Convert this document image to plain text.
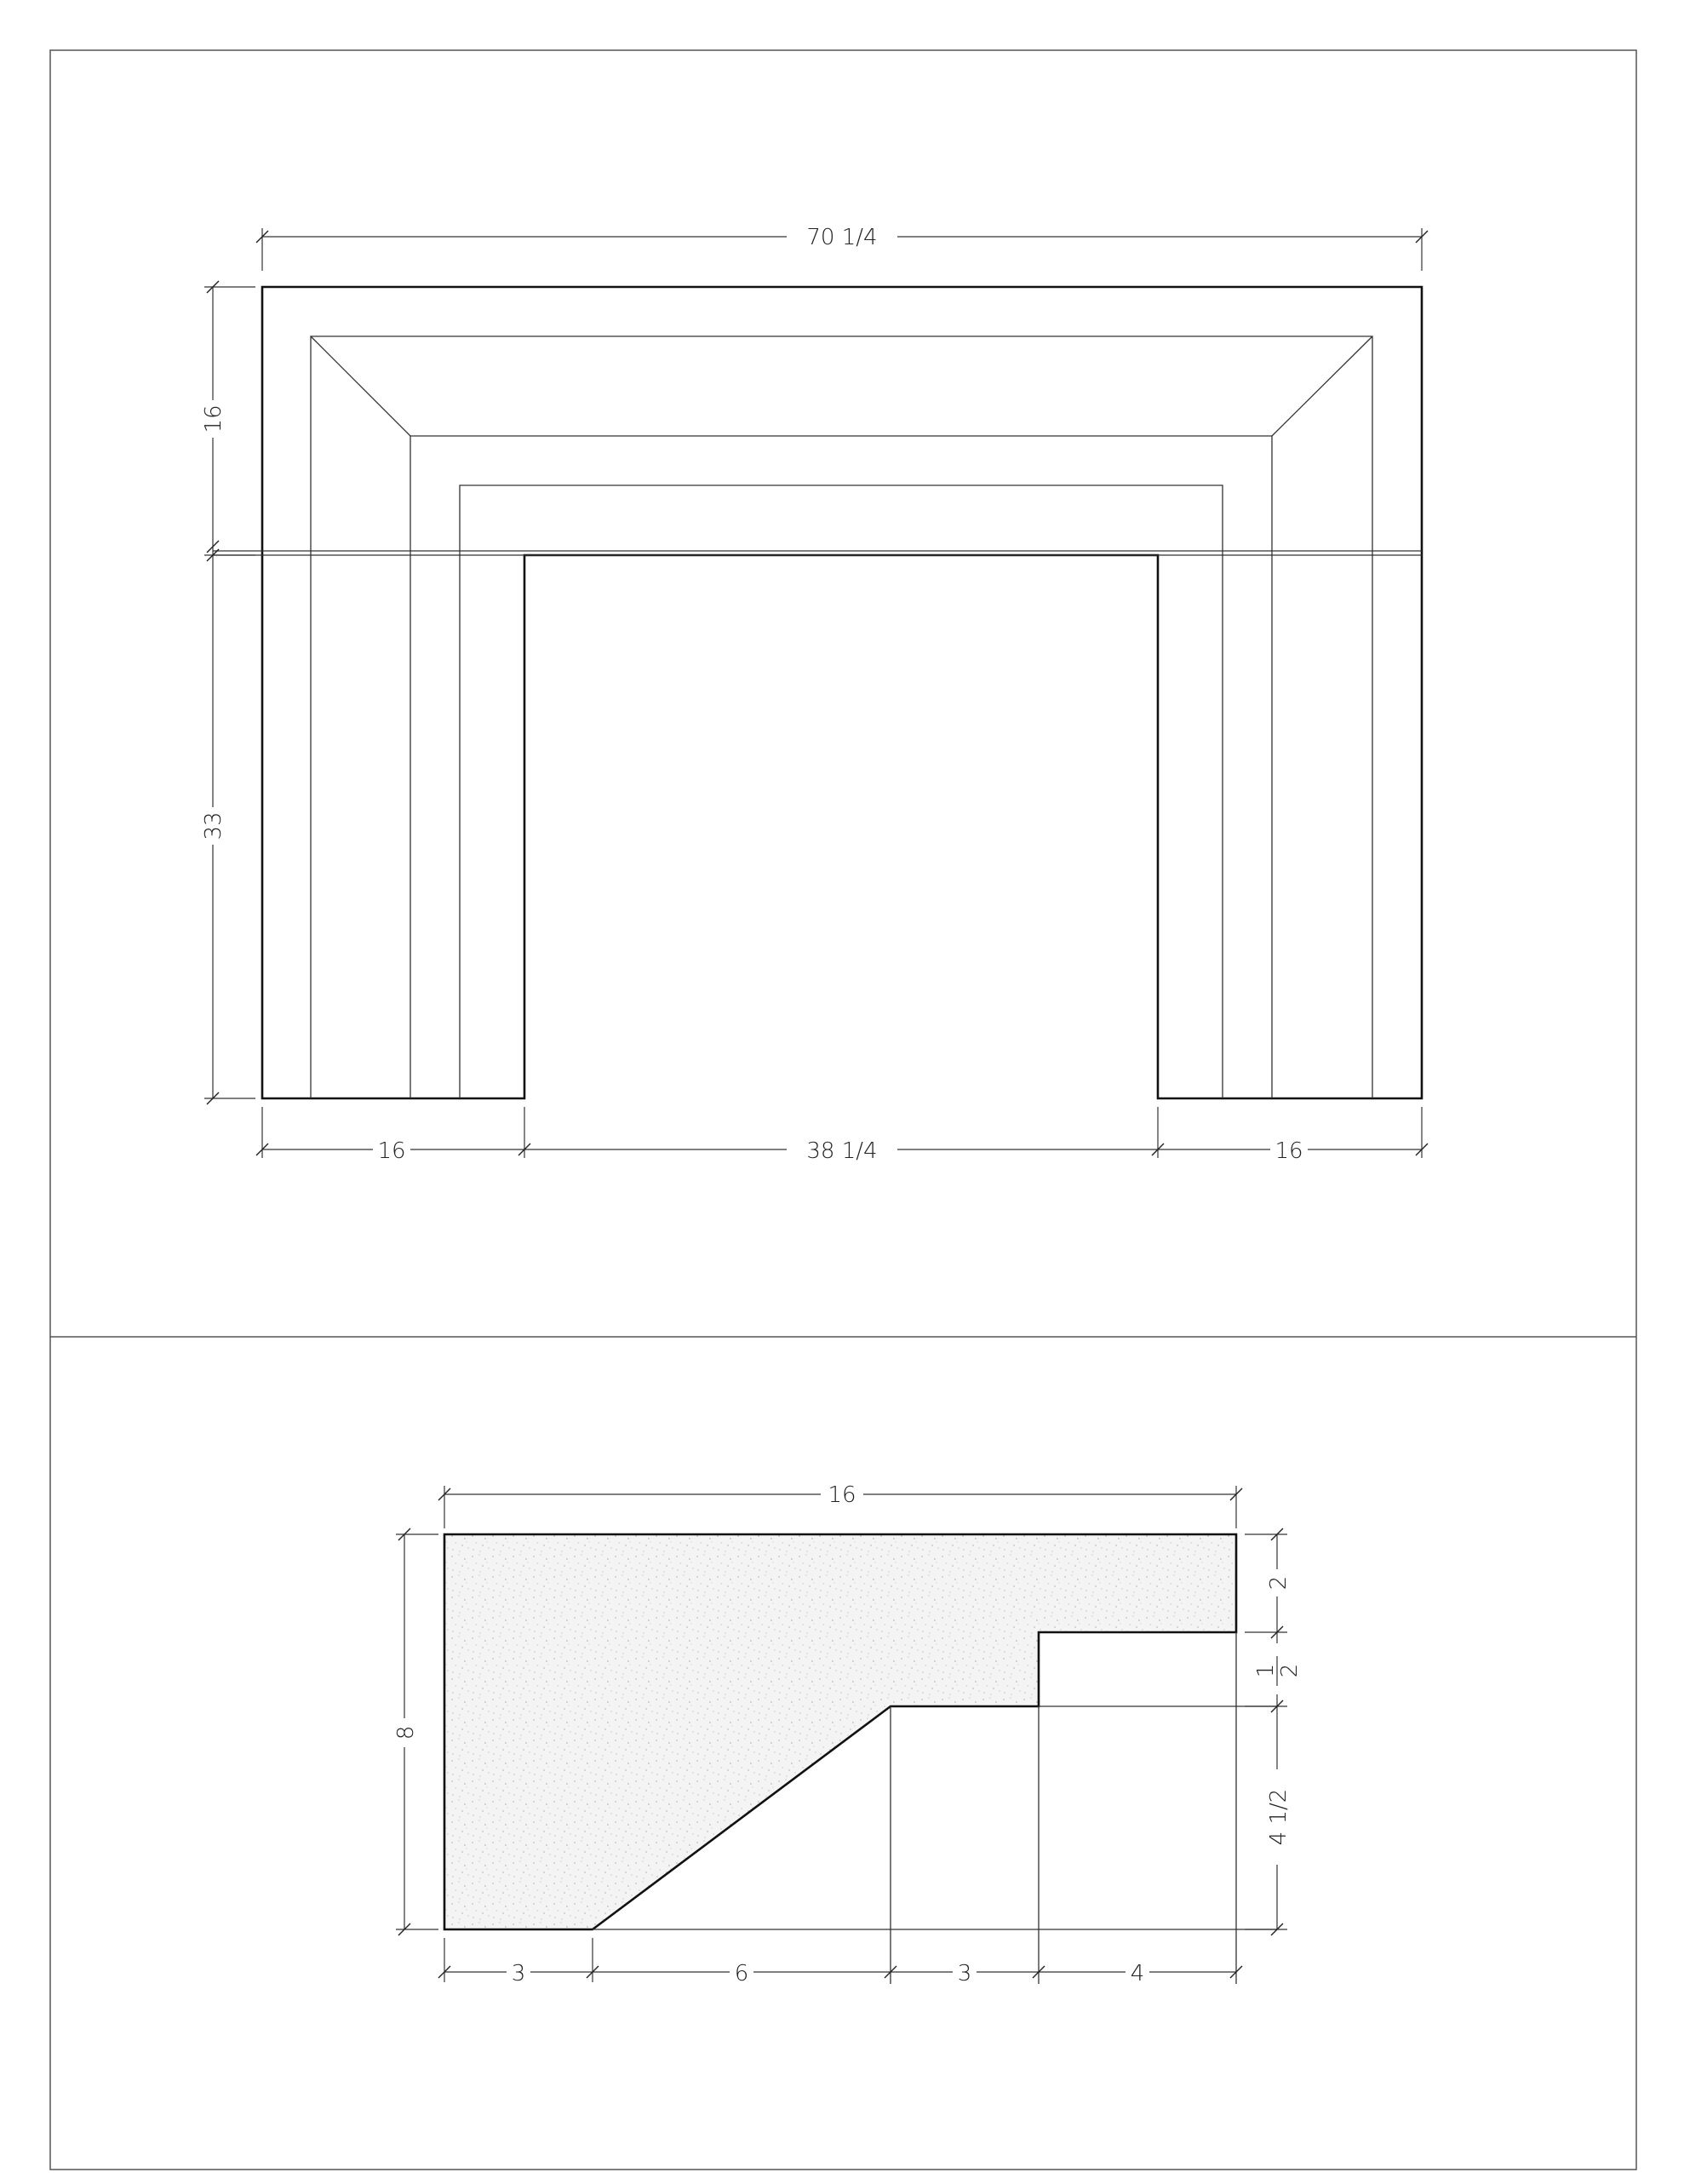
70 1/4
16	38 1/4	16
16
33
16
8
3	6	3	4
2
1
2
4 1/2
